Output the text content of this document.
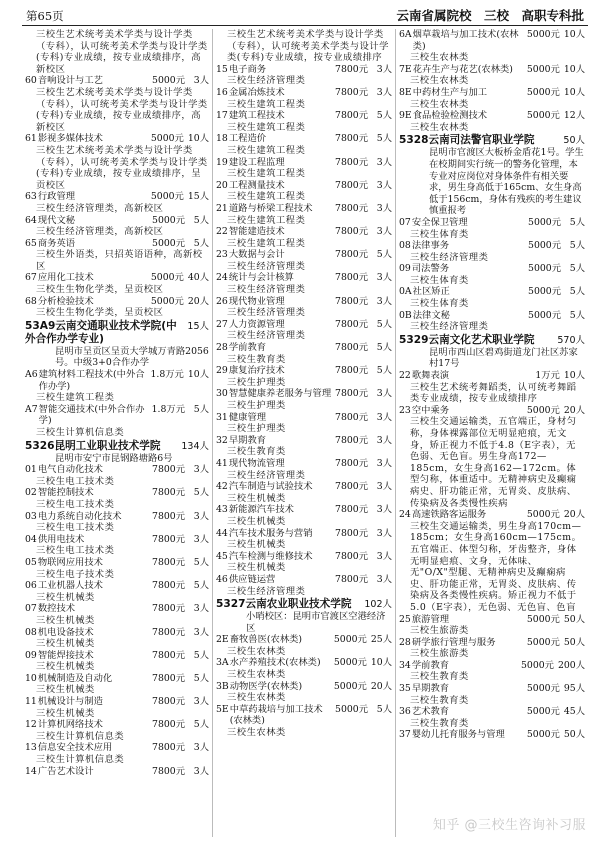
第65页	云南省属院校　三校　高职专科批
三校生艺术统考美术学类与设计学类（专科），认可统考美术学类与设计学类(专科)专业成绩，按专业成绩排序，高新校区
60 音响设计与工艺	5000元 3人
三校生艺术统考美术学类与设计学类（专科），认可统考美术学类与设计学类(专科)专业成绩，按专业成绩排序，高新校区
61 影视多媒体技术	5000元 10人
三校生艺术统考美术学类与设计学类（专科），认可统考美术学类与设计学类(专科)专业成绩，按专业成绩排序，呈贡校区
63 行政管理	5000元 15人
三校生经济管理类，高新校区
64 现代文秘	5000元 5人
三校生经济管理类，高新校区
65 商务英语	5000元 5人
三校生外语类，只招英语语种，高新校区
67 应用化工技术	5000元 40人
三校生生物化学类，呈贡校区
68 分析检验技术	5000元 20人
三校生生物化学类，呈贡校区
53A9云南交通职业技术学院(中外合作办学专业)
15人
昆明市呈贡区呈贡大学城万青路2056号。中级3+0合作办学
A6 建筑材料工程技术(中外合作办学)
1.8万元 10人
三校生建筑工程类
A7 智能交通技术(中外合作办学)
1.8万元 5人
三校生计算机信息类
5326昆明工业职业技术学院	134人
昆明市安宁市昆钢路塘路6号
01 电气自动化技术	7800元 3人
三校生电工技术类
02 智能控制技术	7800元 5人
三校生电工技术类
03 电力系统自动化技术	7800元 3人
三校生电工技术类
04 供用电技术	7800元 3人
三校生电工技术类
05 物联网应用技术	7800元 5人
三校生电子技术类
06 工业机器人技术	7800元 5人
三校生机械类
07 数控技术	7800元 3人
三校生机械类
08 机电设备技术	7800元 3人
三校生机械类
09 智能焊接技术	7800元 5人
三校生机械类
10 机械制造及自动化	7800元 5人
三校生机械类
11 机械设计与制造	7800元 3人
三校生机械类
12 计算机网络技术	7800元 5人
三校生计算机信息类
13 信息安全技术应用	7800元 3人
三校生计算机信息类
14 广告艺术设计	7800元 3人
三校生艺术统考美术学类与设计学类（专科），认可统考美术学类与设计学类(专科)专业成绩，按专业成绩排序
15 电子商务	7800元 3人
三校生经济管理类
16 金属冶炼技术	7800元 3人
三校生建筑工程类
17 建筑工程技术	7800元 5人
三校生建筑工程类
18 工程造价	7800元 5人
三校生建筑工程类
19 建设工程监理	7800元 3人
三校生建筑工程类
20 工程测量技术	7800元 3人
三校生建筑工程类
21 道路与桥梁工程技术	7800元 3人
三校生建筑工程类
22 智能建造技术	7800元 3人
三校生建筑工程类
23 大数据与会计	7800元 5人
三校生经济管理类
24 统计与会计核算	7800元 3人
三校生经济管理类
26 现代物业管理	7800元 3人
三校生经济管理类
27 人力资源管理	7800元 5人
三校生经济管理类
28 学前教育	7800元 5人
三校生教育类
29 康复治疗技术	7800元 5人
三校生护理类
30 智慧健康养老服务与管理 7800元 3人
三校生护理类
31 健康管理	7800元 3人
三校生护理类
32 早期教育	7800元 3人
三校生教育类
41 现代物流管理	7800元 3人
三校生经济管理类
42 汽车制造与试验技术	7800元 3人
三校生机械类
43 新能源汽车技术	7800元 3人
三校生机械类
44 汽车技术服务与营销	7800元 3人
三校生机械类
45 汽车检测与维修技术	7800元 3人
三校生机械类
46 供应链运营	7800元 3人
三校生经济管理类
5327云南农业职业技术学院	102人
小哨校区：昆明市官渡区空港经济区
2E 畜牧兽医(农林类)	5000元 25人
三校生农林类
3A 水产养殖技术(农林类)	5000元 10人
三校生农林类
3B 动物医学(农林类)	5000元 20人
三校生农林类
5E 中草药栽培与加工技术(农林类)
5000元 5人
三校生农林类
6A 烟草栽培与加工技术(农林类)
5000元 10人
三校生农林类
7E 花卉生产与花艺(农林类)	5000元 10人
三校生农林类
8E 中药材生产与加工	5000元 10人
三校生农林类
9E 食品检验检测技术	5000元 12人
三校生农林类
5328云南司法警官职业学院	50人
昆明市官渡区大板桥金盾花1号。学生在校期间实行统一的警务化管理，本专业对应岗位对身体条件有相关要求，男生身高低于165cm、女生身高低于156cm，身体有残疾的考生建议慎重报考
07 安全保卫管理	5000元 5人
三校生体育类
08 法律事务	5000元 5人
三校生经济管理类
09 司法警务	5000元 5人
三校生体育类
0A 社区矫正	5000元 5人
三校生体育类
0B 法律文秘	5000元 5人
三校生经济管理类
5329云南文化艺术职业学院	570人
昆明市西山区碧鸡街道龙门社区苏家村17号
22 歌舞表演	1万元 10人
三校生艺术统考舞蹈类，认可统考舞蹈类专业成绩，按专业成绩排序
23 空中乘务	5000元 20人
三校生交通运输类，五官端正，身材匀称，身体裸露部位无明显疤痕，无文身，矫正视力不低于4.8（E字表），无色弱、无色盲。男生身高172—185cm，女生身高162—172cm。体型匀称，体重适中。无精神病史及癫痫病史、肝功能正常，无胃炎、皮肤病、传染病及各类慢性疾病
24 高速铁路客运服务	5000元 20人
三校生交通运输类，男生身高170cm—185cm；女生身高160cm—175cm。五官端正、体型匀称，牙齿整齐，身体无明显疤痕、文身，无体味、无"O/X"型腿、无精神病史及癫痫病史、肝功能正常，无胃炎、皮肤病、传染病及各类慢性疾病。矫正视力不低于5.0（E字表），无色弱、无色盲、色盲
25 旅游管理	5000元 50人
三校生旅游类
28 研学旅行管理与服务	5000元 50人
三校生旅游类
34 学前教育	5000元 200人
三校生教育类
35 早期教育	5000元 95人
三校生教育类
36 艺术教育	5000元 45人
三校生教育类
37 婴幼儿托育服务与管理	5000元 50人
知乎 @三校生咨询补习服
